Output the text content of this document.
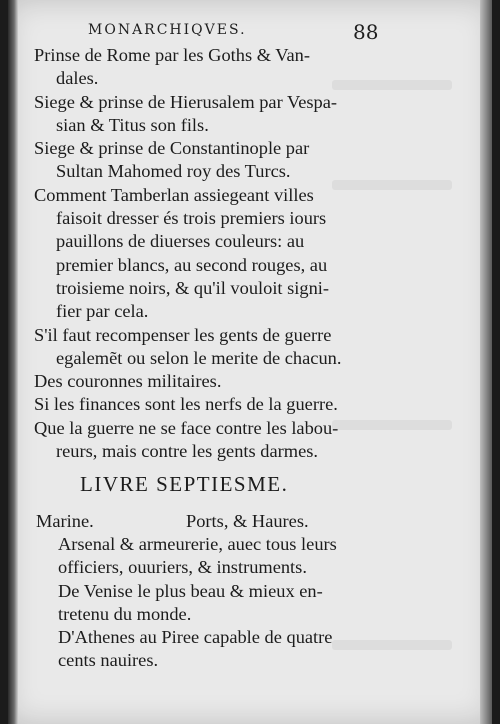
MONARCHIQVES.	88
Prinse de Rome par les Goths & Van-
dales.
Siege & prinse de Hierusalem par Vespa-
sian & Titus son fils.
Siege & prinse de Constantinople par
Sultan Mahomed roy des Turcs.
Comment Tamberlan assiegeant villes
faisoit dresser és trois premiers iours
pauillons de diuerses couleurs: au
premier blancs, au second rouges, au
troisieme noirs, & qu'il vouloit signi-
fier par cela.
S'il faut recompenser les gents de guerre
egalemẽt ou selon le merite de chacun.
Des couronnes militaires.
Si les finances sont les nerfs de la guerre.
Que la guerre ne se face contre les labou-
reurs, mais contre les gents darmes.
LIVRE SEPTIESME.
Marine.	Ports, & Haures.
Arsenal & armeurerie, auec tous leurs
officiers, ouuriers, & instruments.
De Venise le plus beau & mieux en-
tretenu du monde.
D'Athenes au Piree capable de quatre
cents nauires.
